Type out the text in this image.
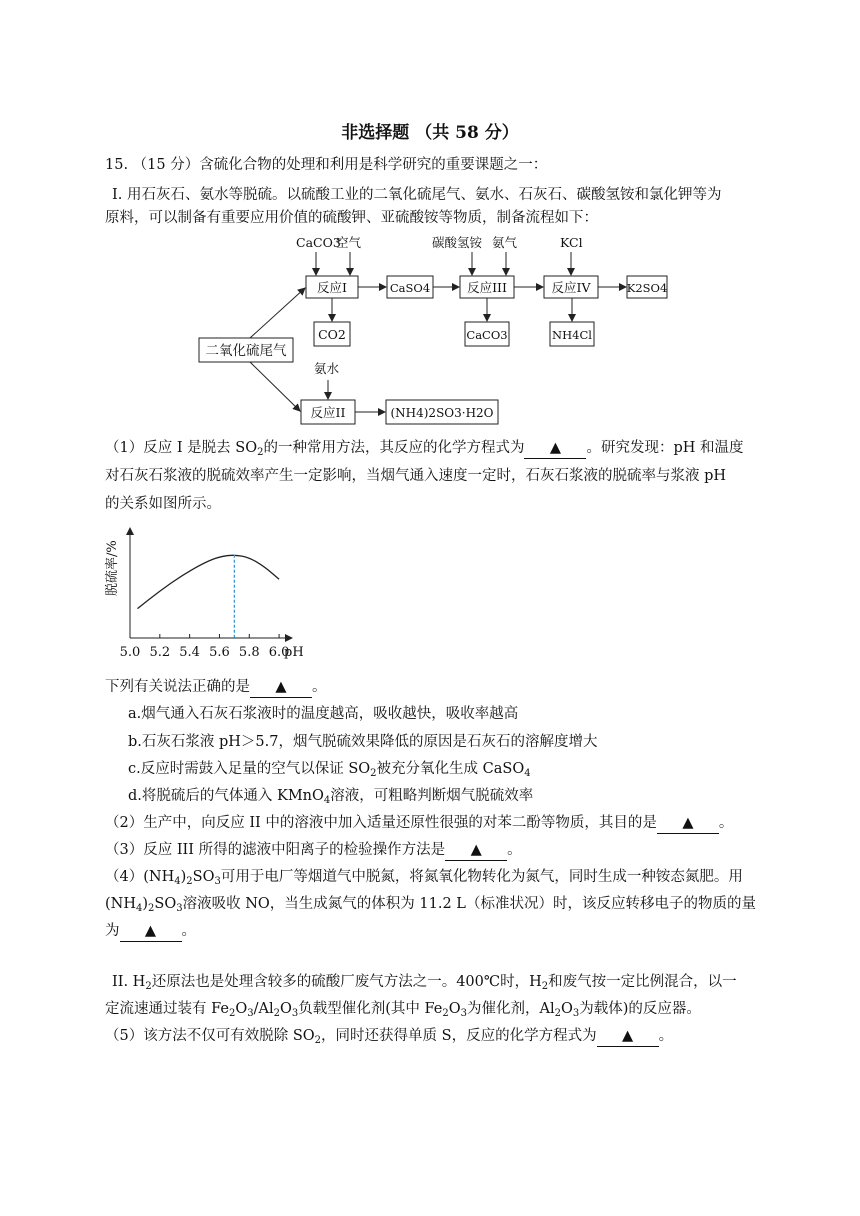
非选择题 （共 58 分）
15. （15 分）含硫化合物的处理和利用是科学研究的重要课题之一：
I. 用石灰石、氨水等脱硫。以硫酸工业的二氧化硫尾气、氨水、石灰石、碳酸氢铵和氯化钾等为
原料，可以制备有重要应用价值的硫酸钾、亚硫酸铵等物质，制备流程如下：
CaCO3
空气	碳酸氢铵 氨气	KCl
反应I	CaSO4	反应III	反应IV	K2SO4
CO2	CaCO3	NH4Cl
二氧化硫尾气
氨水
反应II	(NH4)2SO3·H2O
（1）反应 I 是脱去 $SO_2$的一种常用方法，其反应的化学方程式为 ▲ 。研究发现：pH 和温度
对石灰石浆液的脱硫效率产生一定影响，当烟气通入速度一定时，石灰石浆液的脱硫率与浆液 pH
的关系如图所示。
5.0 5.2 5.4 5.6 5.8 6.0
脱硫率/%
pH
下列有关说法正确的是 ▲ 。
a.烟气通入石灰石浆液时的温度越高，吸收越快，吸收率越高
b.石灰石浆液 pH＞5.7，烟气脱硫效果降低的原因是石灰石的溶解度增大
c.反应时需鼓入足量的空气以保证 $SO_2$被充分氧化生成 CaSO$_4$
d.将脱硫后的气体通入 KMnO$_4$溶液，可粗略判断烟气脱硫效率
（2）生产中，向反应 II 中的溶液中加入适量还原性很强的对苯二酚等物质，其目的是 ▲ 。
（3）反应 III 所得的滤液中阳离子的检验操作方法是 ▲ 。
$(4)(NH_4)_2SO_3$可用于电厂等烟道气中脱氮，将氮氧化物转化为氮气，同时生成一种铵态氮肥。用
$(NH_4)_2SO_3$溶液吸收 NO，当生成氮气的体积为 11.2 L（标准状况）时，该反应转移电子的物质的量
为 ▲ 。
II. $H_2$还原法也是处理含较多的硫酸厂废气方法之一。400℃时，$H_2$和废气按一定比例混合，以一
定流速通过装有 $Fe_2O_3/Al_2O_3$负载型催化剂(其中 $Fe_2O_3$为催化剂，$Al_2O_3$为载体)的反应器。
（5）该方法不仅可有效脱除 $SO_2$，同时还获得单质 S，反应的化学方程式为 ▲ 。
